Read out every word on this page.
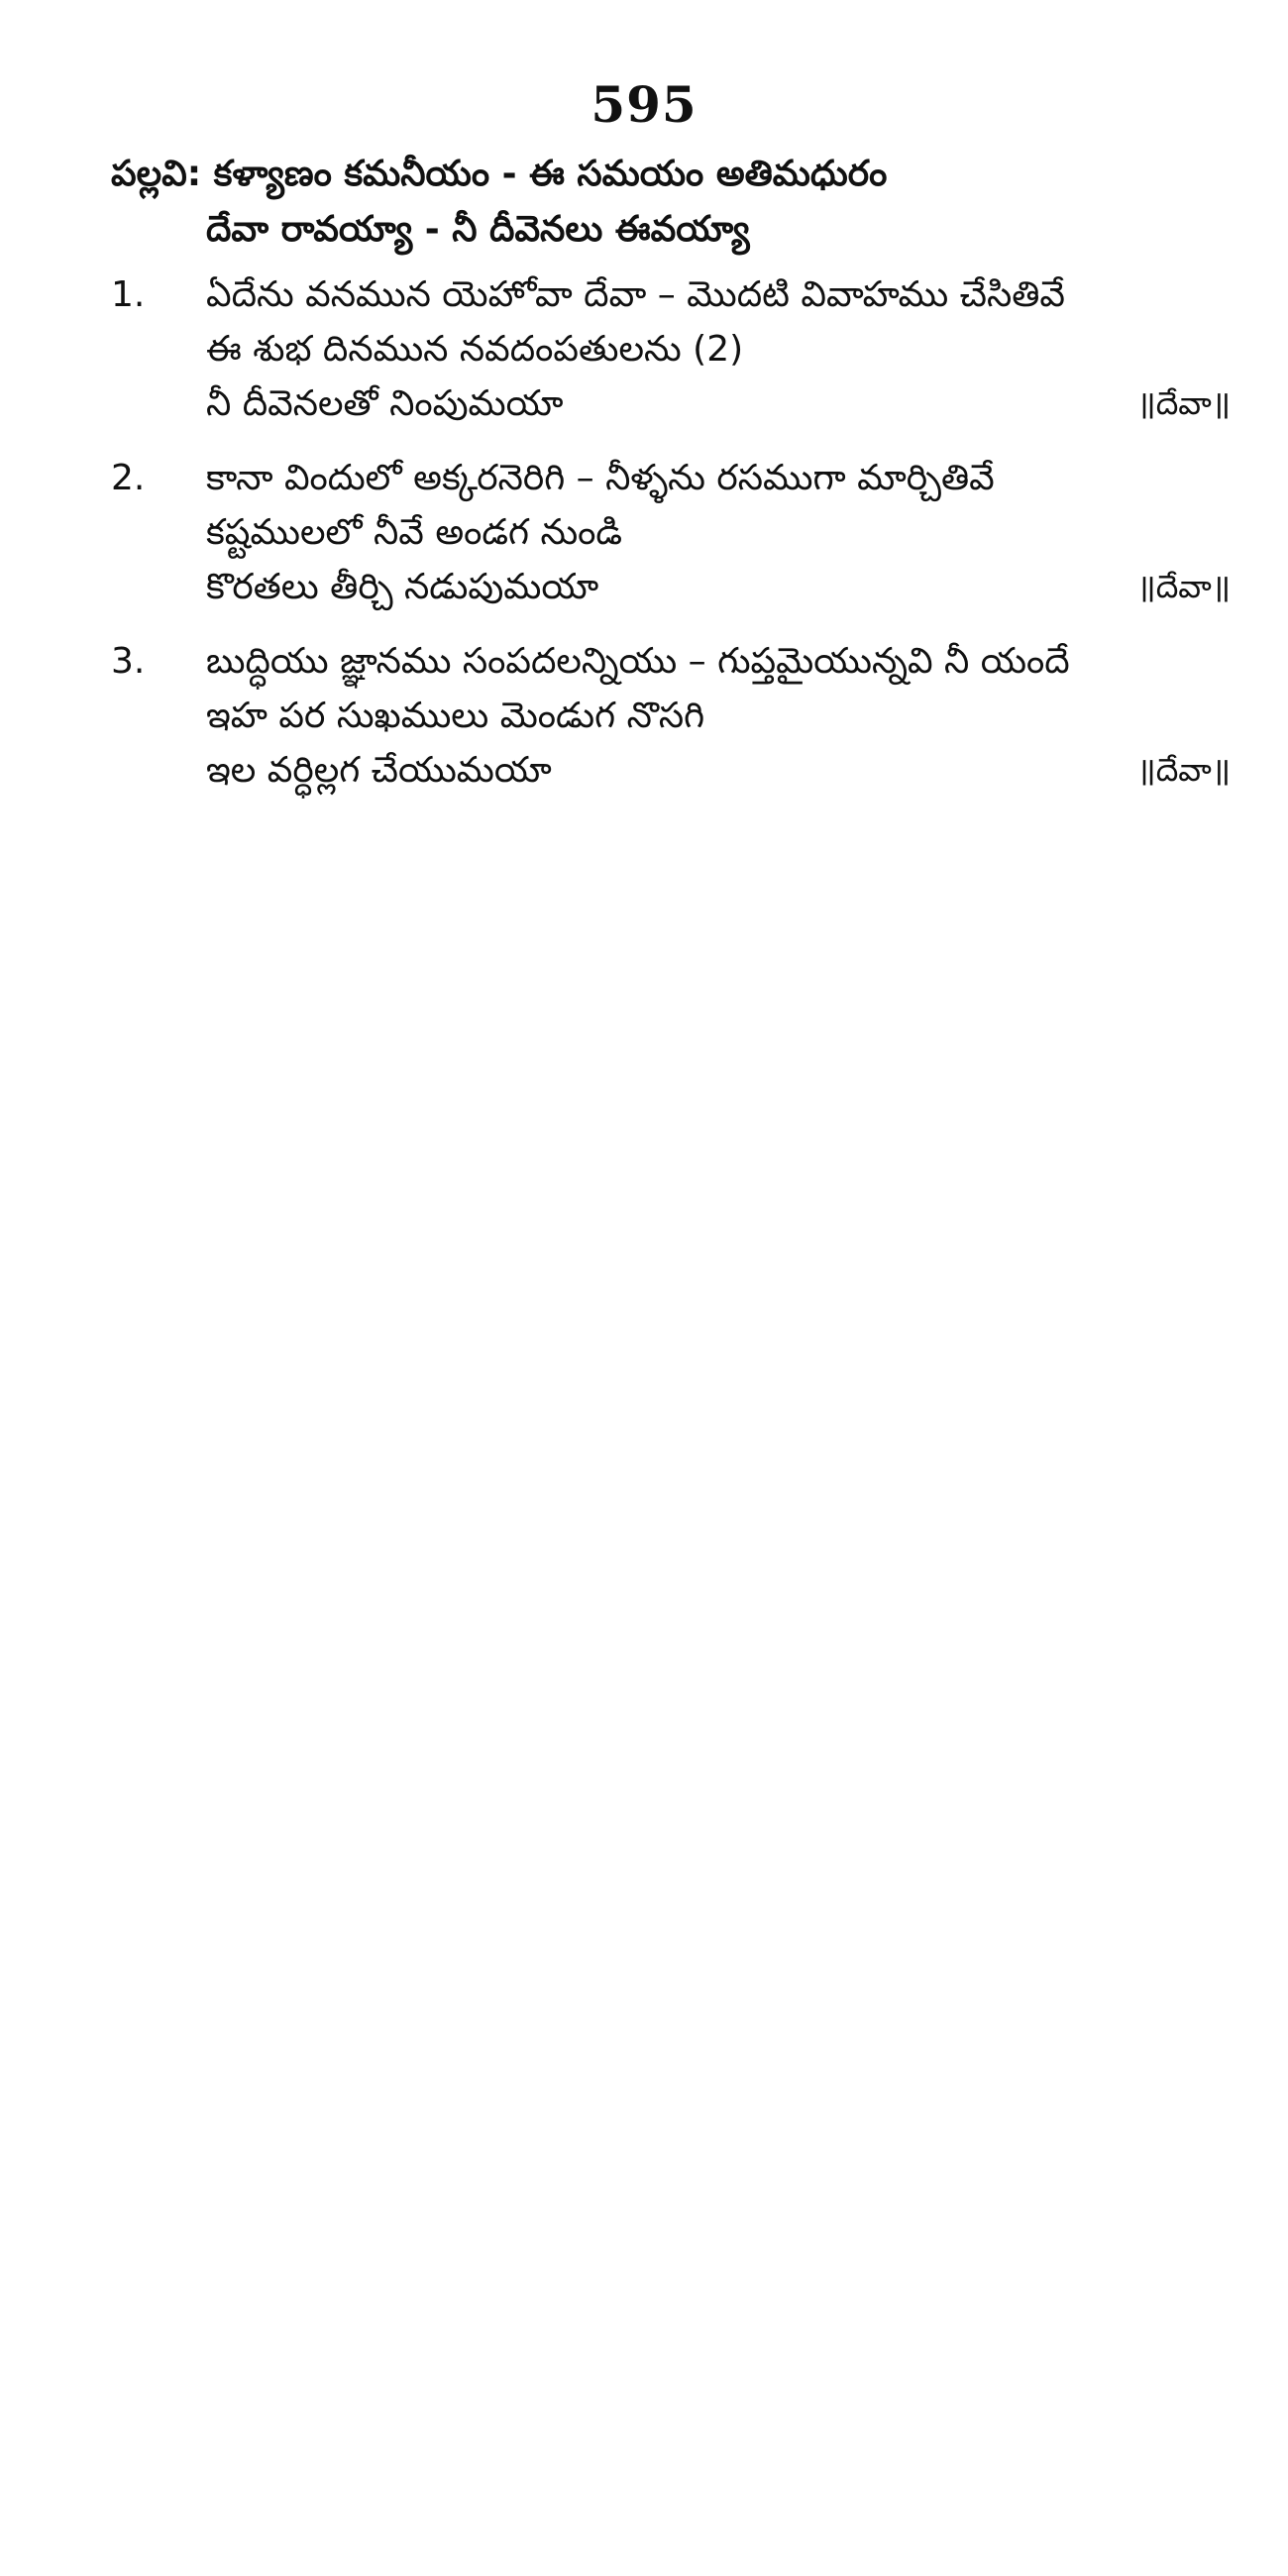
595
పల్లవి: కళ్యాణం కమనీయం - ఈ సమయం అతిమధురం
దేవా రావయ్యా - నీ దీవెనలు ఈవయ్యా
1.	ఏదేను వనమున యెహోవా దేవా – మొదటి వివాహము చేసితివే
ఈ శుభ దినమున నవదంపతులను (2)
నీ దీవెనలతో నింపుమయా	॥దేవా॥
2.	కానా విందులో అక్కరనెరిగి – నీళ్ళను రసముగా మార్చితివే
కష్టములలో నీవే అండగ నుండి
కొరతలు తీర్చి నడుపుమయా	॥దేవా॥
3.	బుద్ధియు జ్ఞానము సంపదలన్నియు – గుప్తమైయున్నవి నీ యందే
ఇహ పర సుఖములు మెండుగ నొసగి
ఇల వర్ధిల్లగ చేయుమయా	॥దేవా॥
